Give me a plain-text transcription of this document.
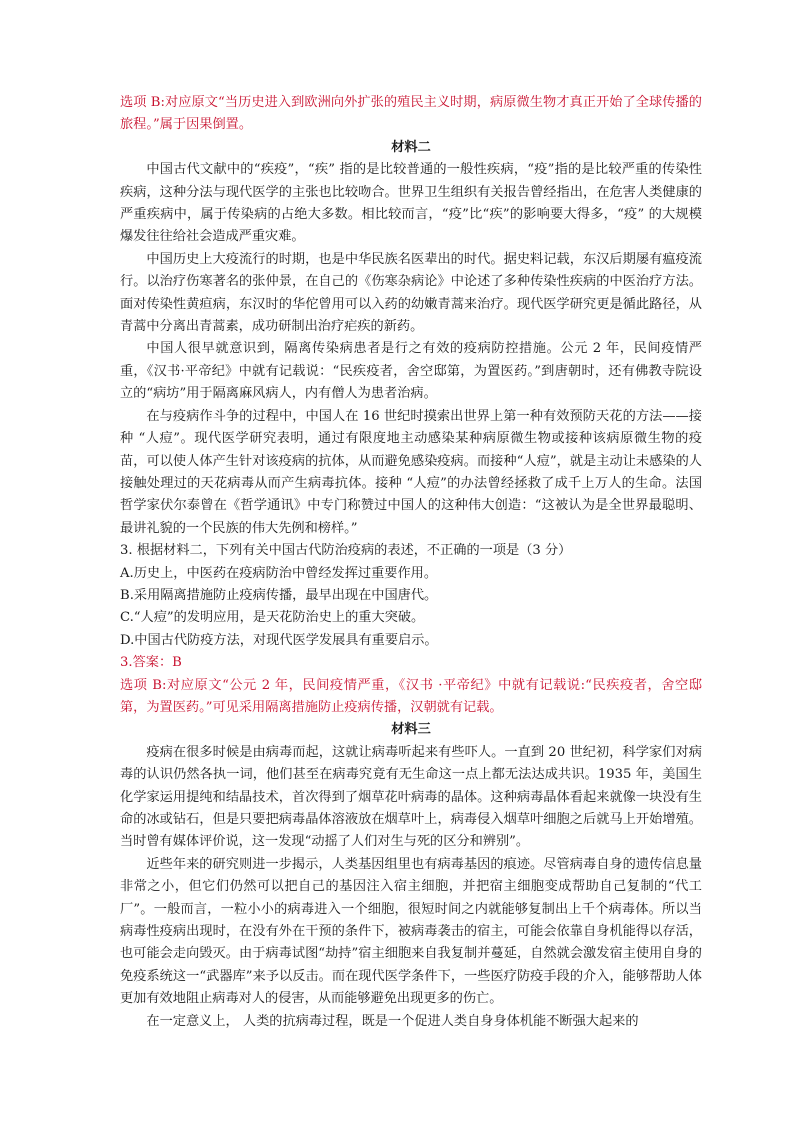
选项 B:对应原文“当历史进入到欧洲向外扩张的殖民主义时期，病原微生物才真正开始了全球传播的旅程。”属于因果倒置。

材料二

中国古代文献中的“疾疫”，“疾” 指的是比较普通的一般性疾病，“疫”指的是比较严重的传染性疾病，这种分法与现代医学的主张也比较吻合。世界卫生组织有关报告曾经指出，在危害人类健康的严重疾病中，属于传染病的占绝大多数。相比较而言，“疫”比“疾”的影响要大得多，“疫” 的大规模爆发往往给社会造成严重灾难。

中国历史上大疫流行的时期，也是中华民族名医辈出的时代。据史料记载，东汉后期屡有瘟疫流行。以治疗伤寒著名的张仲景，在自己的《伤寒杂病论》中论述了多种传染性疾病的中医治疗方法。面对传染性黄疸病，东汉时的华佗曾用可以入药的幼嫩青蒿来治疗。现代医学研究更是循此路径，从青蒿中分离出青蒿素，成功研制出治疗疟疾的新药。

中国人很早就意识到，隔离传染病患者是行之有效的疫病防控措施。公元 2 年，民间疫情严重，《汉书·平帝纪》中就有记载说：“民疾疫者，舍空邸第，为置医药。”到唐朝时，还有佛教寺院设立的“病坊”用于隔离麻风病人，内有僧人为患者治病。

在与疫病作斗争的过程中，中国人在 16 世纪时摸索出世界上第一种有效预防天花的方法——接种 “人痘”。现代医学研究表明，通过有限度地主动感染某种病原微生物或接种该病原微生物的疫苗，可以使人体产生针对该疫病的抗体，从而避免感染疫病。而接种“人痘”，就是主动让未感染的人接触处理过的天花病毒从而产生病毒抗体。接种 “人痘”的办法曾经拯救了成千上万人的生命。法国哲学家伏尔泰曾在《哲学通讯》中专门称赞过中国人的这种伟大创造：“这被认为是全世界最聪明、最讲礼貌的一个民族的伟大先例和榜样。”

3. 根据材料二，下列有关中国古代防治疫病的表述，不正确的一项是（3 分）

A.历史上，中医药在疫病防治中曾经发挥过重要作用。

B.采用隔离措施防止疫病传播，最早出现在中国唐代。

C.“人痘”的发明应用，是天花防治史上的重大突破。

D.中国古代防疫方法，对现代医学发展具有重要启示。

3.答案：B

选项 B:对应原文“公元 2 年，民间疫情严重，《汉书 ·平帝纪》中就有记载说:“民疾疫者，舍空邸第，为置医药。”可见采用隔离措施防止疫病传播，汉朝就有记载。

材料三

疫病在很多时候是由病毒而起，这就让病毒听起来有些吓人。一直到 20 世纪初，科学家们对病毒的认识仍然各执一词，他们甚至在病毒究竟有无生命这一点上都无法达成共识。1935 年，美国生化学家运用提纯和结晶技术，首次得到了烟草花叶病毒的晶体。这种病毒晶体看起来就像一块没有生命的冰或钻石，但是只要把病毒晶体溶液放在烟草叶上，病毒侵入烟草叶细胞之后就马上开始增殖。当时曾有媒体评价说，这一发现“动摇了人们对生与死的区分和辨别”。

近些年来的研究则进一步揭示，人类基因组里也有病毒基因的痕迹。尽管病毒自身的遗传信息量非常之小，但它们仍然可以把自己的基因注入宿主细胞，并把宿主细胞变成帮助自己复制的“代工厂”。一般而言，一粒小小的病毒进入一个细胞，很短时间之内就能够复制出上千个病毒体。所以当病毒性疫病出现时，在没有外在干预的条件下，被病毒袭击的宿主，可能会依靠自身机能得以存活，也可能会走向毁灭。由于病毒试图“劫持”宿主细胞来自我复制并蔓延，自然就会激发宿主使用自身的免疫系统这一“武器库”来予以反击。而在现代医学条件下，一些医疗防疫手段的介入，能够帮助人体更加有效地阻止病毒对人的侵害，从而能够避免出现更多的伤亡。

在一定意义上， 人类的抗病毒过程，既是一个促进人类自身身体机能不断强大起来的
